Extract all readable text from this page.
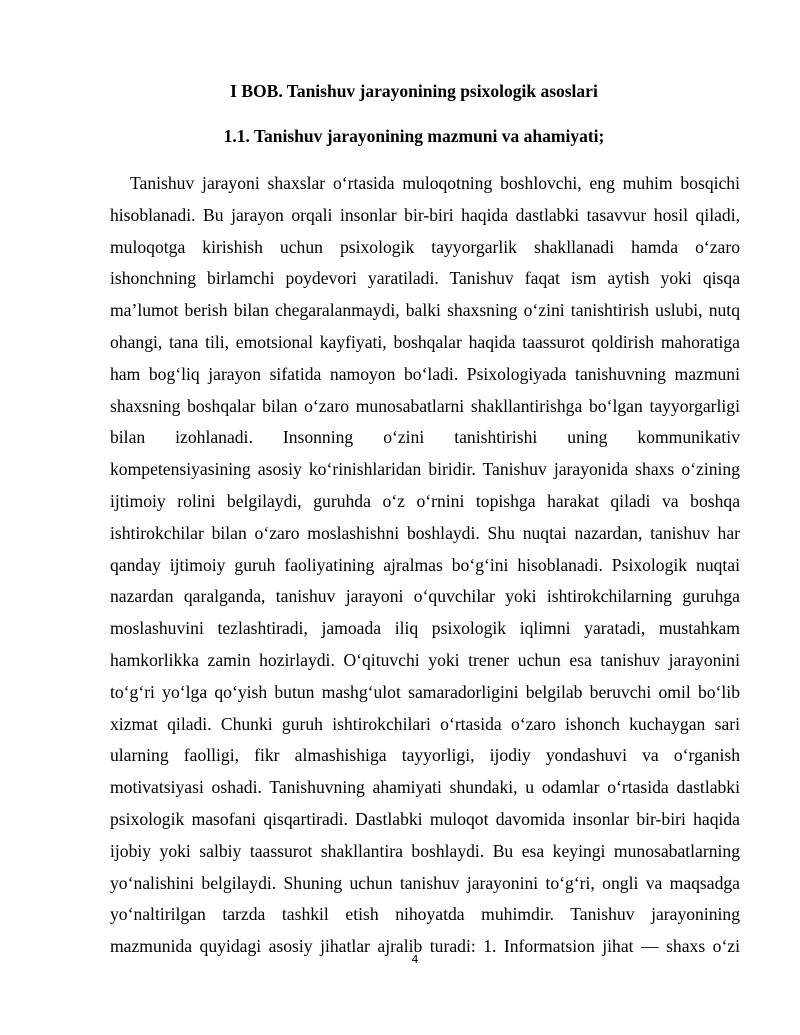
I BOB. Tanishuv jarayonining psixologik asoslari
1.1. Tanishuv jarayonining mazmuni va ahamiyati;
Tanishuv jarayoni shaxslar o‘rtasida muloqotning boshlovchi, eng muhim bosqichi
hisoblanadi. Bu jarayon orqali insonlar bir-biri haqida dastlabki tasavvur hosil qiladi,
muloqotga kirishish uchun psixologik tayyorgarlik shakllanadi hamda o‘zaro
ishonchning birlamchi poydevori yaratiladi. Tanishuv faqat ism aytish yoki qisqa
ma’lumot berish bilan chegaralanmaydi, balki shaxsning o‘zini tanishtirish uslubi, nutq
ohangi, tana tili, emotsional kayfiyati, boshqalar haqida taassurot qoldirish mahoratiga
ham bog‘liq jarayon sifatida namoyon bo‘ladi. Psixologiyada tanishuvning mazmuni
shaxsning boshqalar bilan o‘zaro munosabatlarni shakllantirishga bo‘lgan tayyorgarligi
bilan izohlanadi. Insonning o‘zini tanishtirishi uning kommunikativ
kompetensiyasining asosiy ko‘rinishlaridan biridir. Tanishuv jarayonida shaxs o‘zining
ijtimoiy rolini belgilaydi, guruhda o‘z o‘rnini topishga harakat qiladi va boshqa
ishtirokchilar bilan o‘zaro moslashishni boshlaydi. Shu nuqtai nazardan, tanishuv har
qanday ijtimoiy guruh faoliyatining ajralmas bo‘g‘ini hisoblanadi. Psixologik nuqtai
nazardan qaralganda, tanishuv jarayoni o‘quvchilar yoki ishtirokchilarning guruhga
moslashuvini tezlashtiradi, jamoada iliq psixologik iqlimni yaratadi, mustahkam
hamkorlikka zamin hozirlaydi. O‘qituvchi yoki trener uchun esa tanishuv jarayonini
to‘g‘ri yo‘lga qo‘yish butun mashg‘ulot samaradorligini belgilab beruvchi omil bo‘lib
xizmat qiladi. Chunki guruh ishtirokchilari o‘rtasida o‘zaro ishonch kuchaygan sari
ularning faolligi, fikr almashishiga tayyorligi, ijodiy yondashuvi va o‘rganish
motivatsiyasi oshadi. Tanishuvning ahamiyati shundaki, u odamlar o‘rtasida dastlabki
psixologik masofani qisqartiradi. Dastlabki muloqot davomida insonlar bir-biri haqida
ijobiy yoki salbiy taassurot shakllantira boshlaydi. Bu esa keyingi munosabatlarning
yo‘nalishini belgilaydi. Shuning uchun tanishuv jarayonini to‘g‘ri, ongli va maqsadga
yo‘naltirilgan tarzda tashkil etish nihoyatda muhimdir. Tanishuv jarayonining
mazmunida quyidagi asosiy jihatlar ajralib turadi: 1. Informatsion jihat — shaxs o‘zi
4
